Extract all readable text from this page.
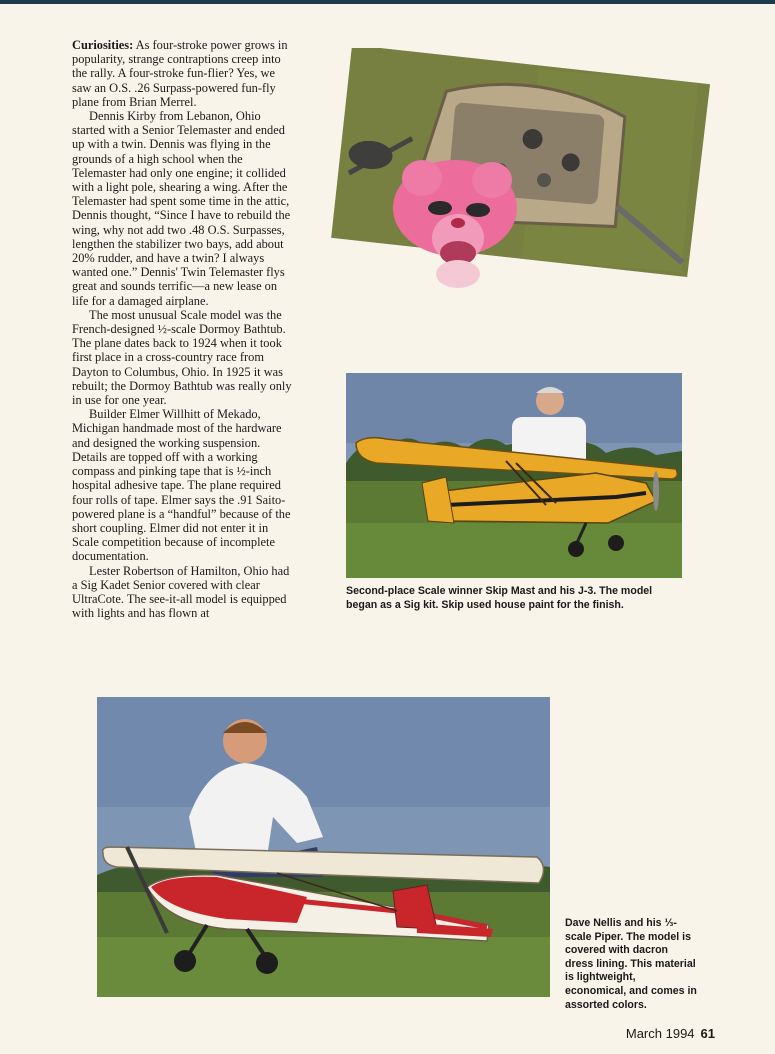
Curiosities: As four-stroke power grows in popularity, strange contraptions creep into the rally. A four-stroke fun-flier? Yes, we saw an O.S. .26 Surpass-powered fun-fly plane from Brian Merrel.

Dennis Kirby from Lebanon, Ohio started with a Senior Telemaster and ended up with a twin. Dennis was flying in the grounds of a high school when the Telemaster had only one engine; it collided with a light pole, shearing a wing. After the Telemaster had spent some time in the attic, Dennis thought, “Since I have to rebuild the wing, why not add two .48 O.S. Surpasses, lengthen the stabilizer two bays, add about 20% rudder, and have a twin? I always wanted one.” Dennis' Twin Telemaster flys great and sounds terrific—a new lease on life for a damaged airplane.

The most unusual Scale model was the French-designed ½-scale Dormoy Bathtub. The plane dates back to 1924 when it took first place in a cross-country race from Dayton to Columbus, Ohio. In 1925 it was rebuilt; the Dormoy Bathtub was really only in use for one year.

Builder Elmer Willhitt of Mekado, Michigan handmade most of the hardware and designed the working suspension. Details are topped off with a working compass and pinking tape that is ½-inch hospital adhesive tape. The plane required four rolls of tape. Elmer says the .91 Saito-powered plane is a “handful” because of the short coupling. Elmer did not enter it in Scale competition because of incomplete documentation.

Lester Robertson of Hamilton, Ohio had a Sig Kadet Senior covered with clear UltraCote. The see-it-all model is equipped with lights and has flown at

Second-place Scale winner Skip Mast and his J-3. The model began as a Sig kit. Skip used house paint for the finish.
Dave Nellis and his ⅓-scale Piper. The model is covered with dacron dress lining. This material is lightweight, economical, and comes in assorted colors.
March 1994 61
